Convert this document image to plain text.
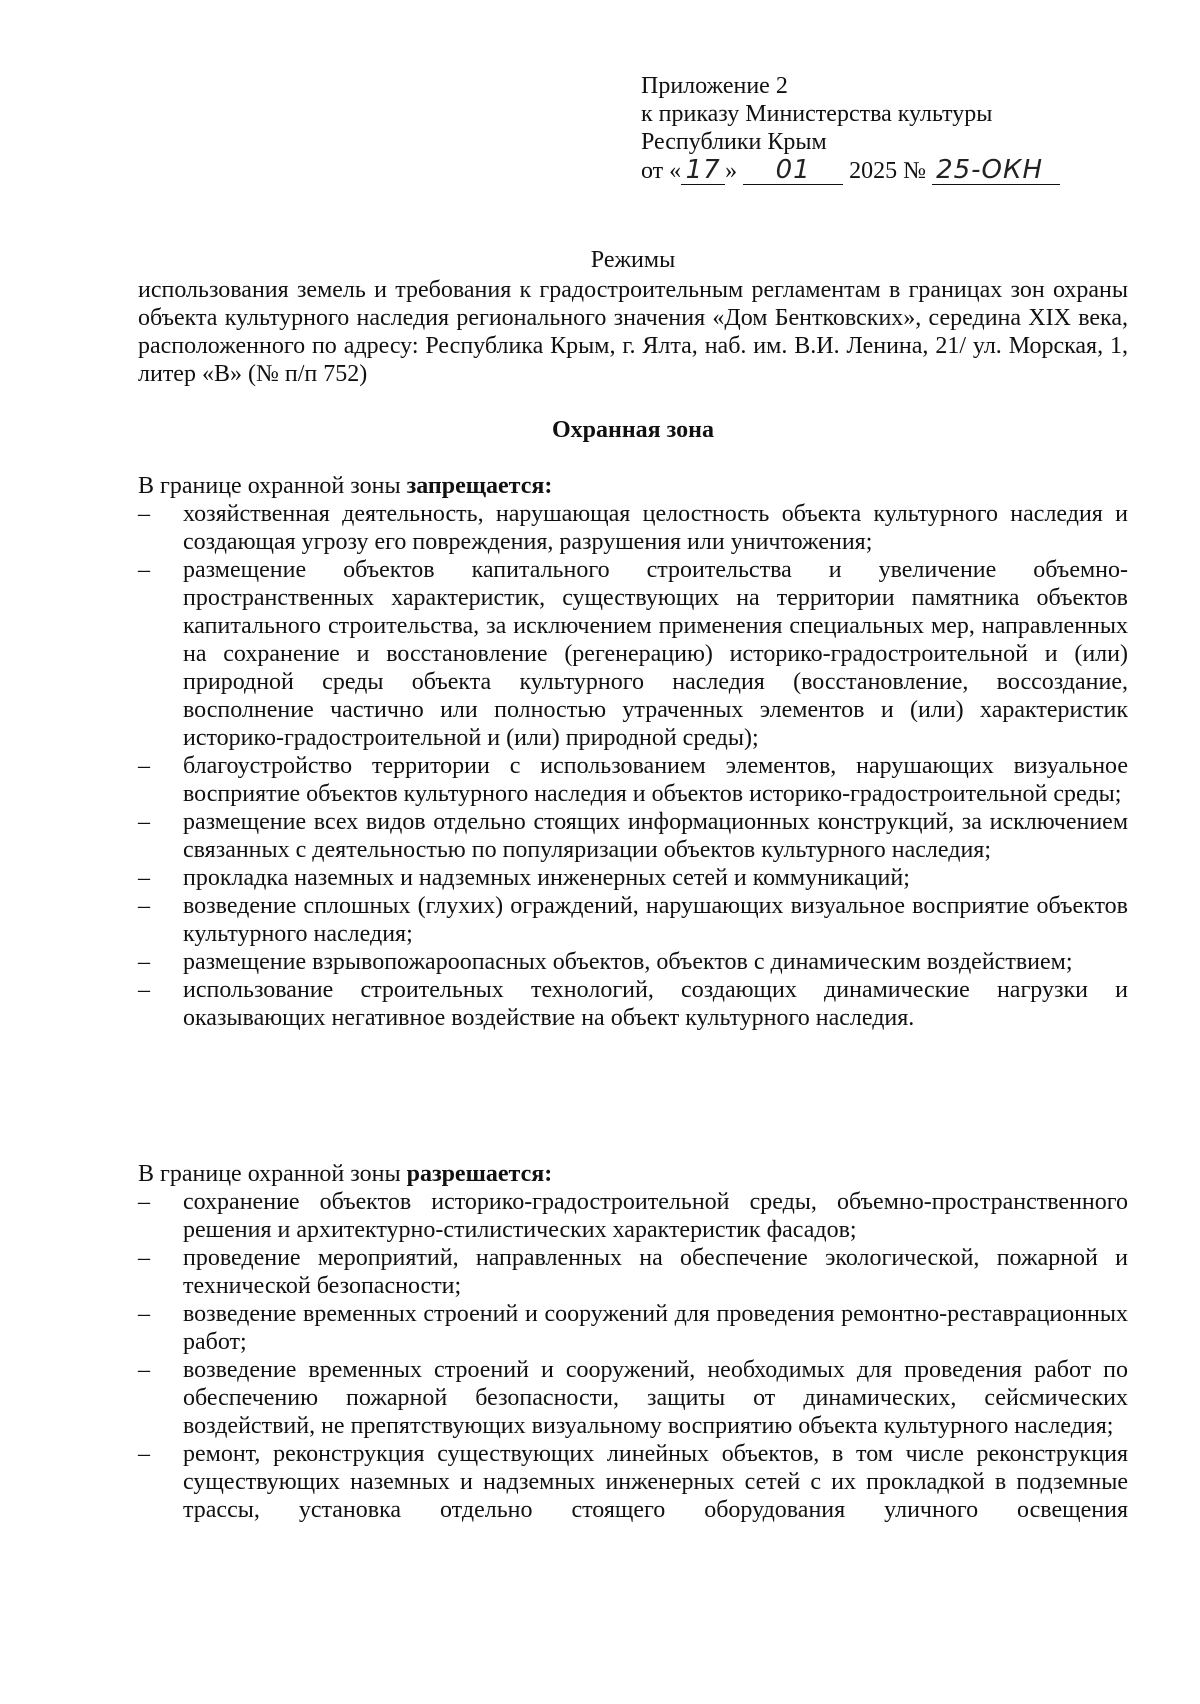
Приложение 2
к приказу Министерства культуры
Республики Крым
от « 17 » 01 2025 № 25-ОКН
Режимы
использования земель и требования к градостроительным регламентам в границах зон охраны объекта культурного наследия регионального значения «Дом Бентковских», середина XIX века, расположенного по адресу: Республика Крым, г. Ялта, наб. им. В.И. Ленина, 21/ ул. Морская, 1, литер «В» (№ п/п 752)
Охранная зона

В границе охранной зоны запрещается:

–	хозяйственная деятельность, нарушающая целостность объекта культурного наследия и создающая угрозу его повреждения, разрушения или уничтожения;
–	размещение объектов капитального строительства и увеличение объемно-пространственных характеристик, существующих на территории памятника объектов капитального строительства, за исключением применения специальных мер, направленных на сохранение и восстановление (регенерацию) историко-градостроительной и (или) природной среды объекта культурного наследия (восстановление, воссоздание, восполнение частично или полностью утраченных элементов и (или) характеристик историко-градостроительной и (или) природной среды);
–	благоустройство территории с использованием элементов, нарушающих визуальное восприятие объектов культурного наследия и объектов историко-градостроительной среды;
–	размещение всех видов отдельно стоящих информационных конструкций, за исключением связанных с деятельностью по популяризации объектов культурного наследия;
–	прокладка наземных и надземных инженерных сетей и коммуникаций;
–	возведение сплошных (глухих) ограждений, нарушающих визуальное восприятие объектов культурного наследия;
–	размещение взрывопожароопасных объектов, объектов с динамическим воздействием;
–	использование строительных технологий, создающих динамические нагрузки и оказывающих негативное воздействие на объект культурного наследия.

В границе охранной зоны разрешается:

–	сохранение объектов историко-градостроительной среды, объемно-пространственного решения и архитектурно-стилистических характеристик фасадов;
–	проведение мероприятий, направленных на обеспечение экологической, пожарной и технической безопасности;
–	возведение временных строений и сооружений для проведения ремонтно-реставрационных работ;
–	возведение временных строений и сооружений, необходимых для проведения работ по обеспечению пожарной безопасности, защиты от динамических, сейсмических воздействий, не препятствующих визуальному восприятию объекта культурного наследия;
–	ремонт, реконструкция существующих линейных объектов, в том числе реконструкция существующих наземных и надземных инженерных сетей с их прокладкой в подземные трассы, установка отдельно стоящего оборудования уличного освещения
